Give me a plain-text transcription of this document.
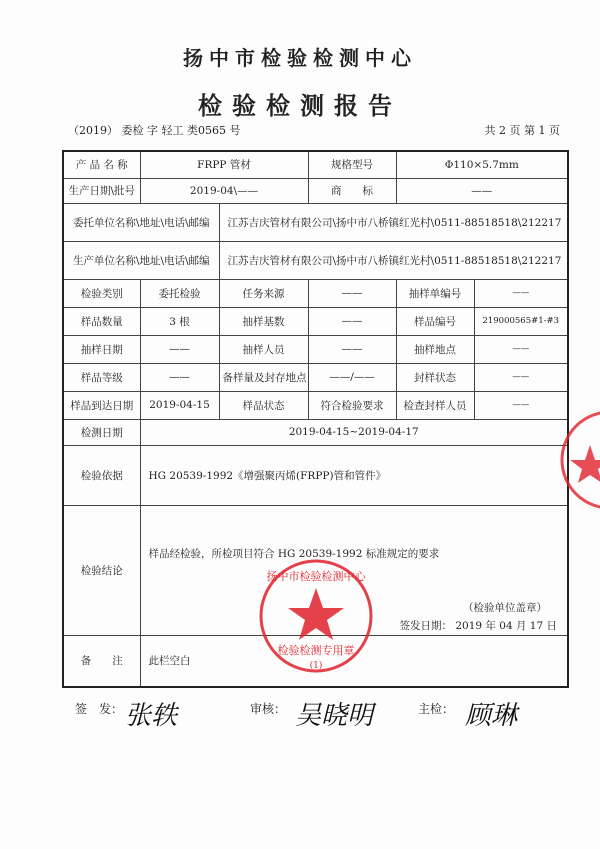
扬中市检验检测中心
检验检测报告
（2019） 委检 字 轻工 类0565 号	共 2 页 第 1 页
产 品 名 称	FRPP 管材		规格型号	Φ110×5.7mm	
生产日期\批号	2019-04\——		商　　标	——	
委托单位名称\地址\电话\邮编		江苏吉庆管材有限公司\扬中市八桥镇红光村\0511-88518518\212217			
生产单位名称\地址\电话\邮编		江苏吉庆管材有限公司\扬中市八桥镇红光村\0511-88518518\212217			
检验类别	委托检验	任务来源	——	抽样单编号	——
样品数量	3 根	抽样基数	——	样品编号	219000565#1-#3
抽样日期	——	抽样人员	——	抽样地点	——
样品等级	——	备样量及封存地点	——/——	封样状态	——
样品到达日期	2019-04-15	样品状态	符合检验要求	检查封样人员	——
检测日期	2019-04-15~2019-04-17				
检验依据	HG 20539-1992《增强聚丙烯(FRPP)管和管件》				
检验结论	样品经检验，所检项目符合 HG 20539-1992 标准规定的要求
（检验单位盖章）
签发日期： 2019 年 04 月 17 日				

备　　注	此栏空白				
检验检测专用章
(1)
扬中市检验检测中心
签　发： 张轶	审核： 吴晓明	主检： 顾琳
